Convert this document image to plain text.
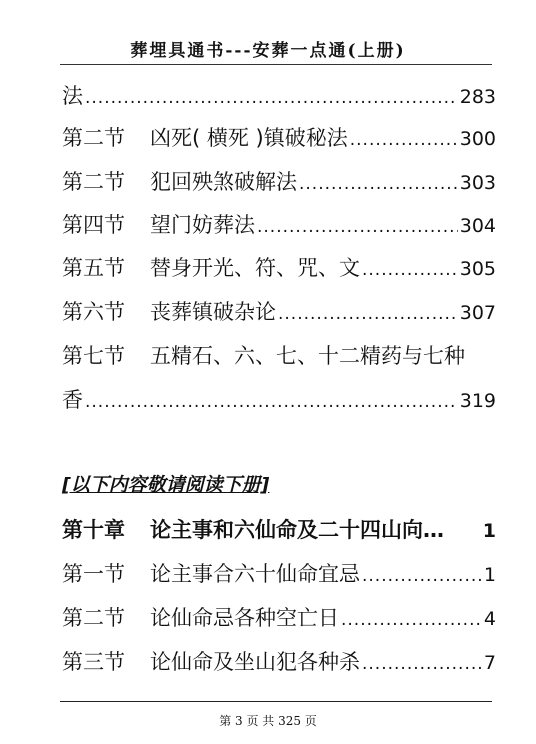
葬埋具通书---安葬一点通(上册)
法 .....	283
第二节	凶死( 横死 )镇破秘法 .....	300
第二节	犯回殃煞破解法 .....	303
第四节	望门妨葬法 .....	304
第五节	替身开光、符、咒、文 .....	305
第六节	丧葬镇破杂论 .....	307
第七节	五精石、六、七、十二精药与七种
香 .....	319
[以下内容敬请阅读下册]
第十章	论主事和六仙命及二十四山向… 1
第一节	论主事合六十仙命宜忌 .....	1
第二节	论仙命忌各种空亡日 .....	4
第三节	论仙命及坐山犯各种杀 .....	7
第 3 页 共 325 页
